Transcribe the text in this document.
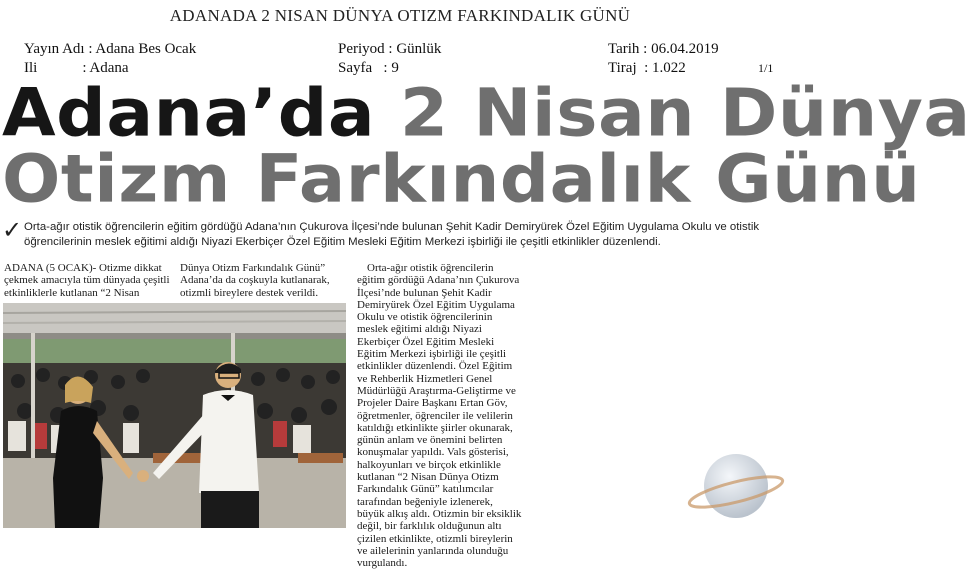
ADANADA 2 NISAN DÜNYA OTIZM FARKINDALIK GÜNÜ
Yayın Adı : Adana Bes Ocak
Ili            : Adana
Periyod : Günlük
Sayfa   : 9
Tarih : 06.04.2019
Tiraj  : 1.022	1/1
Adana’da 2 Nisan Dünya
Otizm Farkındalık Günü
✓ Orta-ağır otistik öğrencilerin eğitim gördüğü Adana’nın Çukurova İlçesi’nde bulunan Şehit Kadir Demiryürek Özel Eğitim Uygulama Okulu ve otistik öğrencilerinin meslek eğitimi aldığı Niyazi Ekerbiçer Özel Eğitim Mesleki Eğitim Merkezi işbirliği ile çeşitli etkinlikler düzenlendi.
ADANA (5 OCAK)- Otizme dikkat çekmek amacıyla tüm dünyada çeşitli etkinliklerle kutlanan “2 Nisan
Dünya Otizm Farkındalık Günü” Adana’da da coşkuyla kutlanarak, otizmli bireylere destek verildi.
Orta-ağır otistik öğrencilerin eğitim gördüğü Adana’nın Çukurova İlçesi’nde bulunan Şehit Kadir Demiryürek Özel Eğitim Uygulama Okulu ve otistik öğrencilerinin meslek eğitimi aldığı Niyazi Ekerbiçer Özel Eğitim Mesleki Eğitim Merkezi işbirliği ile çeşitli etkinlikler düzenlendi. Özel Eğitim ve Rehberlik Hizmetleri Genel Müdürlüğü Araştırma-Geliştirme ve Projeler Daire Başkanı Ertan Göv, öğretmenler, öğrenciler ile velilerin katıldığı etkinlikte şiirler okunarak, günün anlam ve önemini belirten konuşmalar yapıldı. Vals gösterisi, halkoyunları ve birçok etkinlikle kutlanan “2 Nisan Dünya Otizm Farkındalık Günü” katılımcılar tarafından beğeniyle izlenerek, büyük alkış aldı. Otizmin bir eksiklik değil, bir farklılık olduğunun altı çizilen etkinlikte, otizmli bireylerin ve ailelerinin yanlarında olunduğu vurgulandı.
